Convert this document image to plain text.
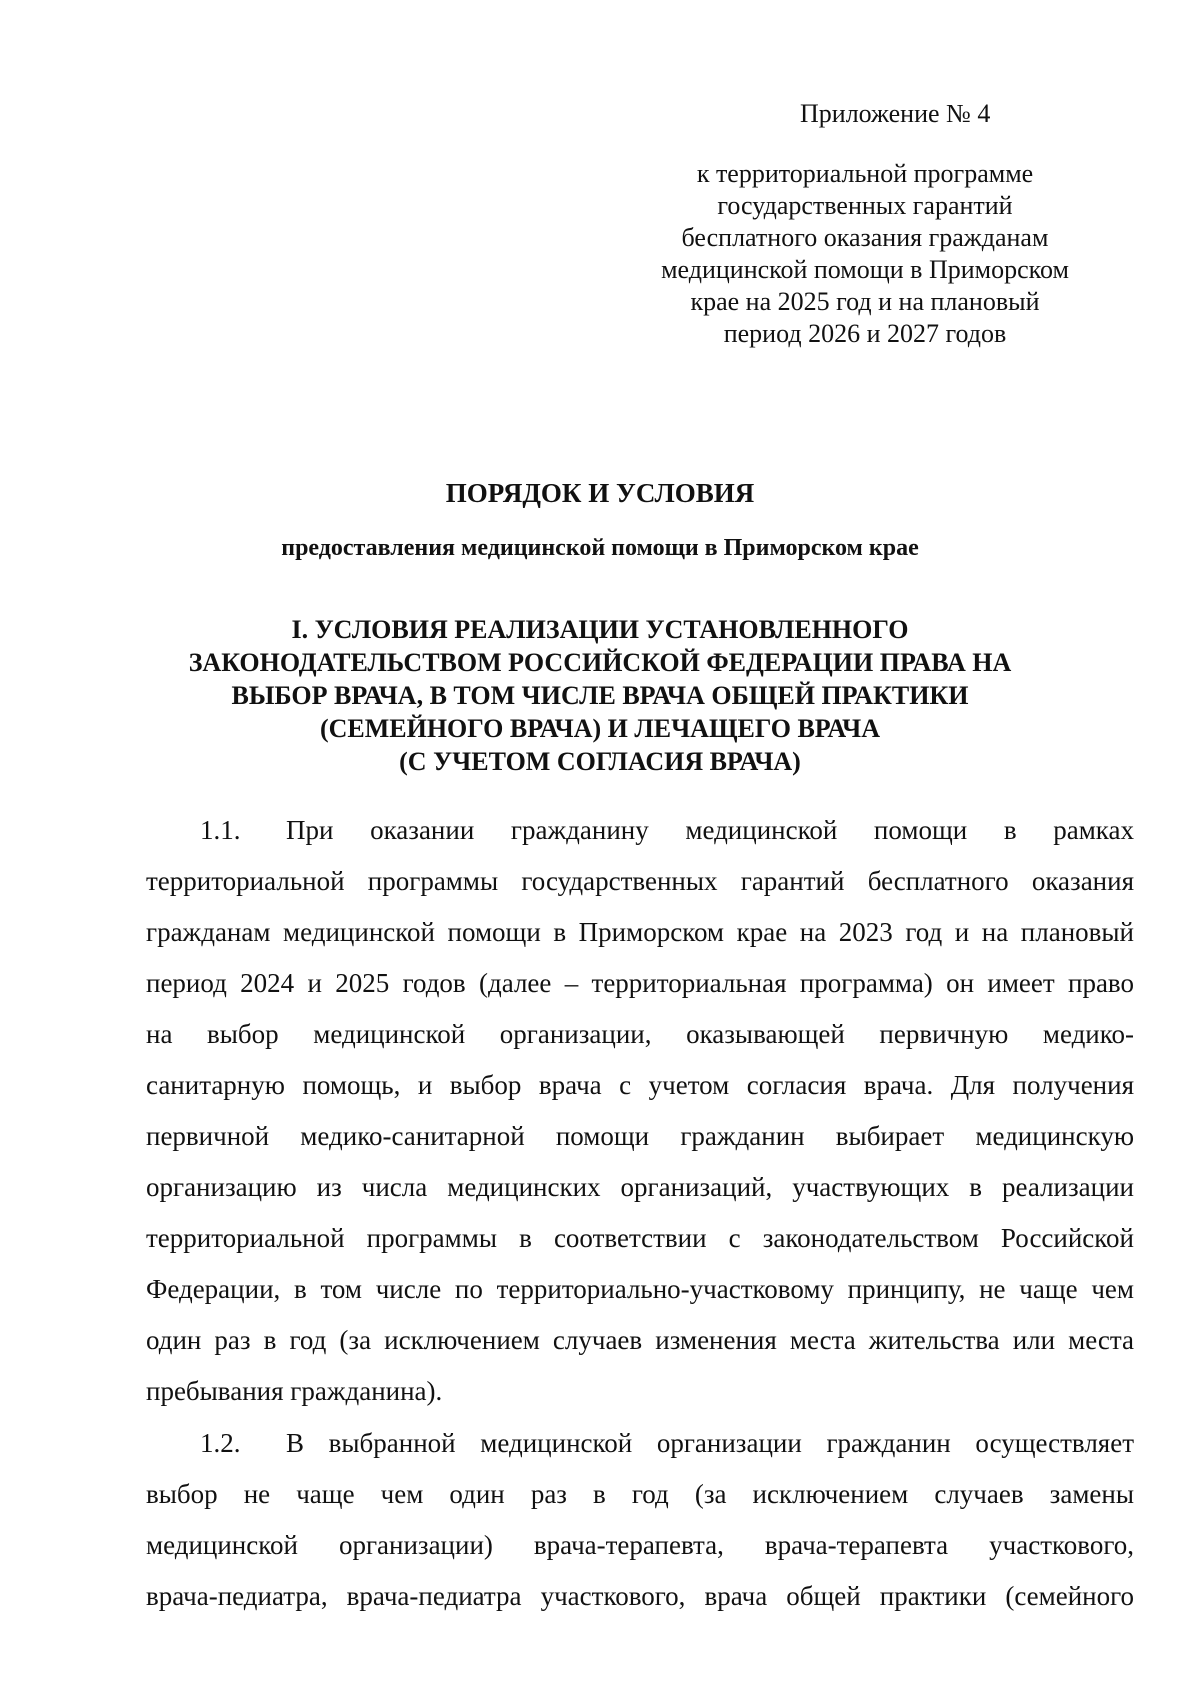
Приложение № 4
к территориальной программе
государственных гарантий
бесплатного оказания гражданам
медицинской помощи в Приморском
крае на 2025 год и на плановый
период 2026 и 2027 годов
ПОРЯДОК И УСЛОВИЯ
предоставления медицинской помощи в Приморском крае
I. УСЛОВИЯ РЕАЛИЗАЦИИ УСТАНОВЛЕННОГО
ЗАКОНОДАТЕЛЬСТВОМ РОССИЙСКОЙ ФЕДЕРАЦИИ ПРАВА НА
ВЫБОР ВРАЧА, В ТОМ ЧИСЛЕ ВРАЧА ОБЩЕЙ ПРАКТИКИ
(СЕМЕЙНОГО ВРАЧА) И ЛЕЧАЩЕГО ВРАЧА
(С УЧЕТОМ СОГЛАСИЯ ВРАЧА)
1.1. При оказании гражданину медицинской помощи в рамках
территориальной программы государственных гарантий бесплатного оказания
гражданам медицинской помощи в Приморском крае на 2023 год и на плановый
период 2024 и 2025 годов (далее – территориальная программа) он имеет право
на выбор медицинской организации, оказывающей первичную медико-
санитарную помощь, и выбор врача с учетом согласия врача. Для получения
первичной медико-санитарной помощи гражданин выбирает медицинскую
организацию из числа медицинских организаций, участвующих в реализации
территориальной программы в соответствии с законодательством Российской
Федерации, в том числе по территориально-участковому принципу, не чаще чем
один раз в год (за исключением случаев изменения места жительства или места
пребывания гражданина).
1.2. В выбранной медицинской организации гражданин осуществляет
выбор не чаще чем один раз в год (за исключением случаев замены
медицинской организации) врача-терапевта, врача-терапевта участкового,
врача-педиатра, врача-педиатра участкового, врача общей практики (семейного
